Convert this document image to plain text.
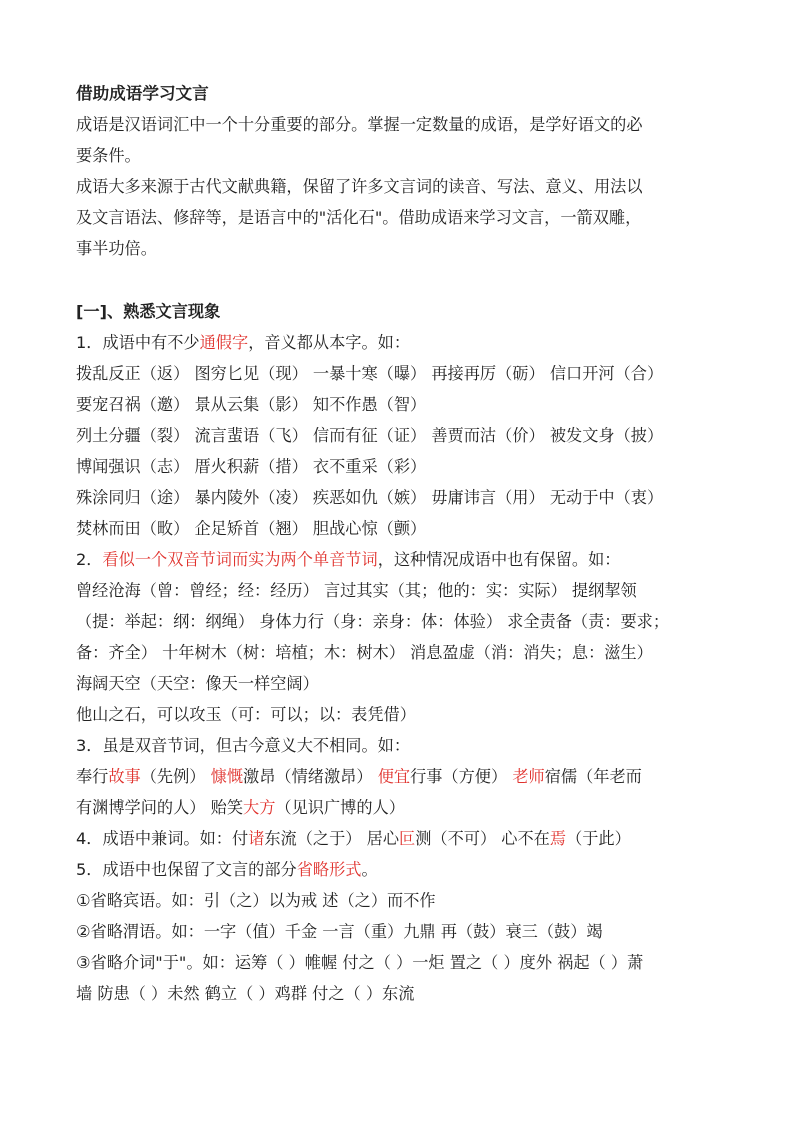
借助成语学习文言

成语是汉语词汇中一个十分重要的部分。掌握一定数量的成语，是学好语文的必

要条件。

成语大多来源于古代文献典籍，保留了许多文言词的读音、写法、意义、用法以

及文言语法、修辞等，是语言中的"活化石"。借助成语来学习文言，一箭双雕，

事半功倍。

[一]、熟悉文言现象

1．成语中有不少通假字，音义都从本字。如：

拨乱反正（返） 图穷匕见（现） 一暴十寒（曝） 再接再厉（砺） 信口开河（合）

要宠召祸（邀） 景从云集（影） 知不作愚（智）

列土分疆（裂） 流言蜚语（飞） 信而有征（证） 善贾而沽（价） 被发文身（披）

博闻强识（志） 厝火积薪（措） 衣不重采（彩）

殊涂同归（途） 暴内陵外（凌） 疾恶如仇（嫉） 毋庸讳言（用） 无动于中（衷）

焚林而田（畋） 企足矫首（翘） 胆战心惊（颤）

2．看似一个双音节词而实为两个单音节词，这种情况成语中也有保留。如：

曾经沧海（曾：曾经；经：经历） 言过其实（其；他的：实：实际） 提纲挈领

（提：举起：纲：纲绳） 身体力行（身：亲身：体：体验） 求全责备（责：要求；

备：齐全） 十年树木（树：培植；木：树木） 消息盈虚（消：消失；息：滋生）

海阔天空（天空：像天一样空阔）

他山之石，可以攻玉（可：可以；以：表凭借）

3．虽是双音节词，但古今意义大不相同。如：

奉行故事（先例） 慷慨激昂（情绪激昂） 便宜行事（方便） 老师宿儒（年老而

有渊博学问的人） 贻笑大方（见识广博的人）

4．成语中兼词。如：付诸东流（之于） 居心叵测（不可） 心不在焉（于此）

5．成语中也保留了文言的部分省略形式。

①省略宾语。如：引（之）以为戒 述（之）而不作

②省略渭语。如：一字（值）千金 一言（重）九鼎 再（鼓）衰三（鼓）竭

③省略介词"于"。如：运筹（ ）帷幄 付之（ ）一炬 置之（ ）度外 祸起（ ）萧

墙 防患（ ）未然 鹤立（ ）鸡群 付之（ ）东流
